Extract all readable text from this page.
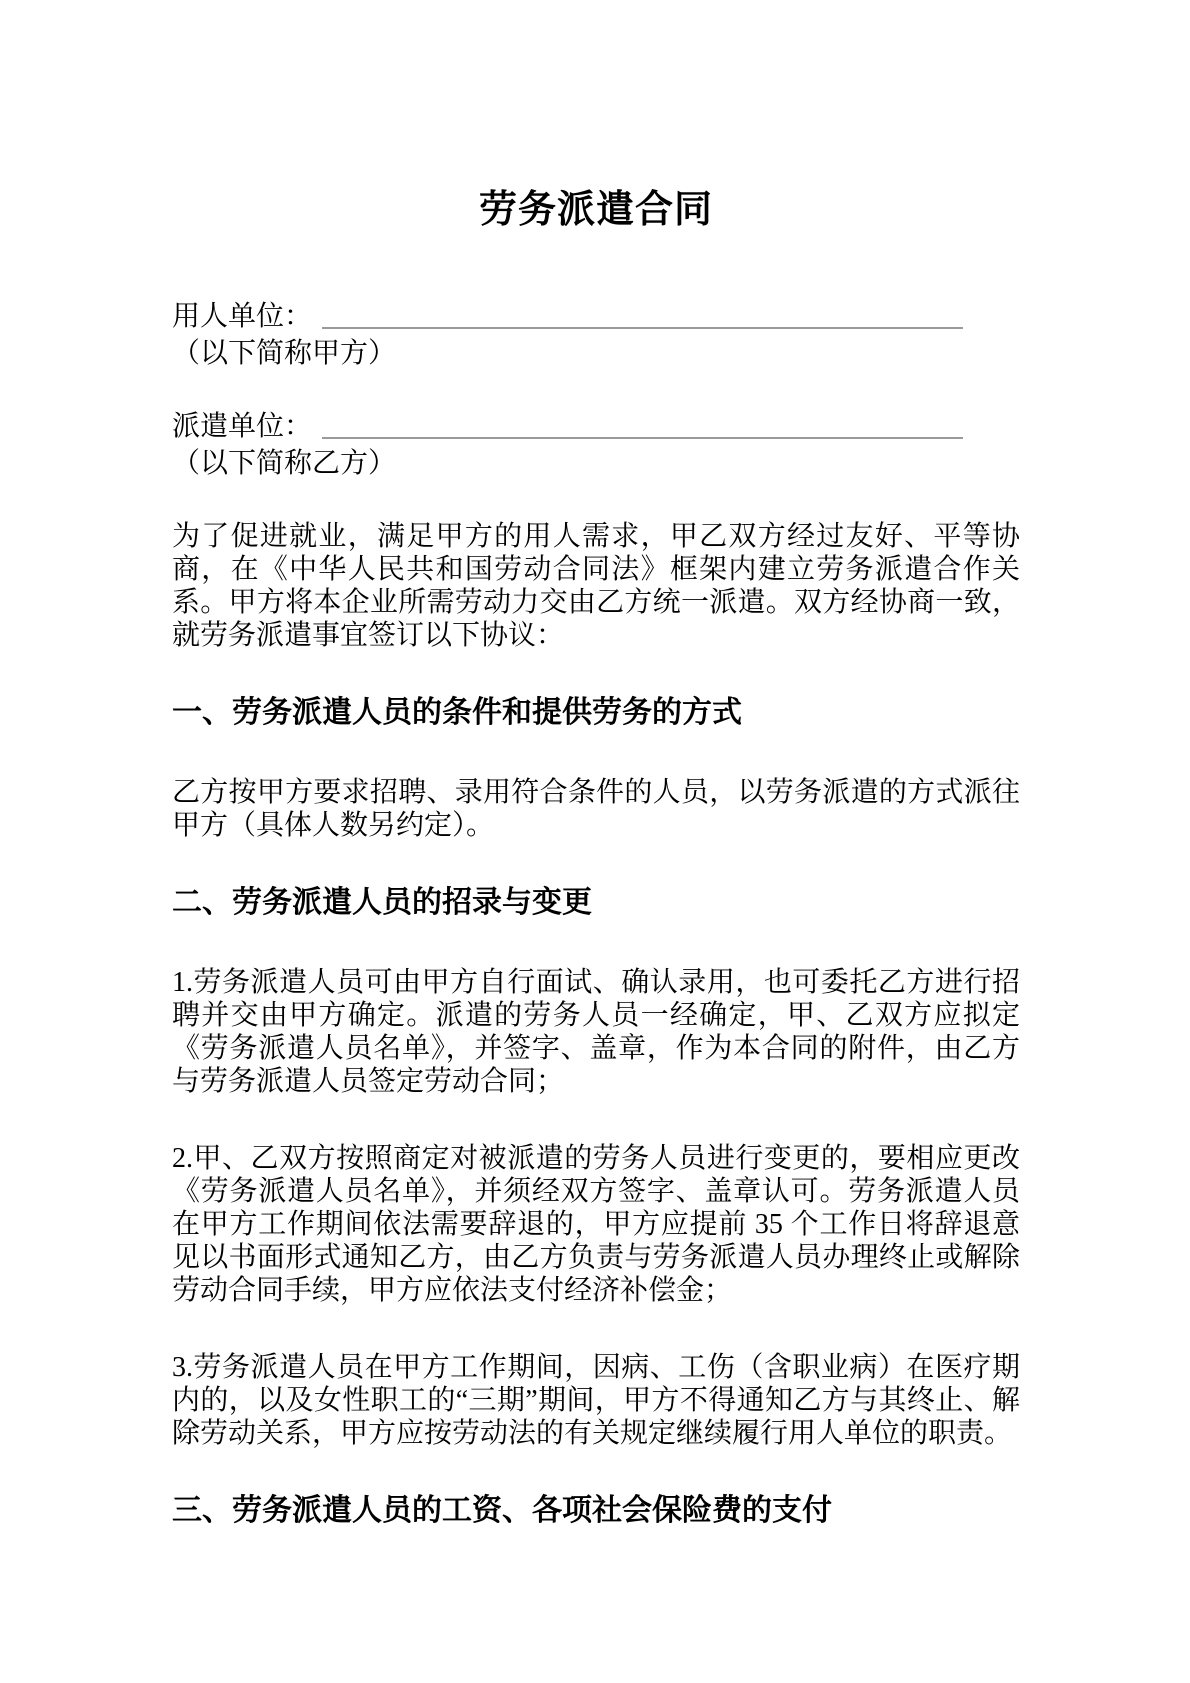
劳务派遣合同
用人单位：
（以下简称甲方）
派遣单位：
（以下简称乙方）

为了促进就业，满足甲方的用人需求，甲乙双方经过友好、平等协商，在《中华人民共和国劳动合同法》框架内建立劳务派遣合作关系。甲方将本企业所需劳动力交由乙方统一派遣。双方经协商一致，就劳务派遣事宜签订以下协议：

一、劳务派遣人员的条件和提供劳务的方式

乙方按甲方要求招聘、录用符合条件的人员，以劳务派遣的方式派往甲方（具体人数另约定）。

二、劳务派遣人员的招录与变更

1.劳务派遣人员可由甲方自行面试、确认录用，也可委托乙方进行招聘并交由甲方确定。派遣的劳务人员一经确定，甲、乙双方应拟定《劳务派遣人员名单》，并签字、盖章，作为本合同的附件，由乙方与劳务派遣人员签定劳动合同；

2.甲、乙双方按照商定对被派遣的劳务人员进行变更的，要相应更改《劳务派遣人员名单》，并须经双方签字、盖章认可。劳务派遣人员在甲方工作期间依法需要辞退的，甲方应提前 35 个工作日将辞退意见以书面形式通知乙方，由乙方负责与劳务派遣人员办理终止或解除劳动合同手续，甲方应依法支付经济补偿金；

3.劳务派遣人员在甲方工作期间，因病、工伤（含职业病）在医疗期内的，以及女性职工的“三期”期间，甲方不得通知乙方与其终止、解除劳动关系，甲方应按劳动法的有关规定继续履行用人单位的职责。

三、劳务派遣人员的工资、各项社会保险费的支付
